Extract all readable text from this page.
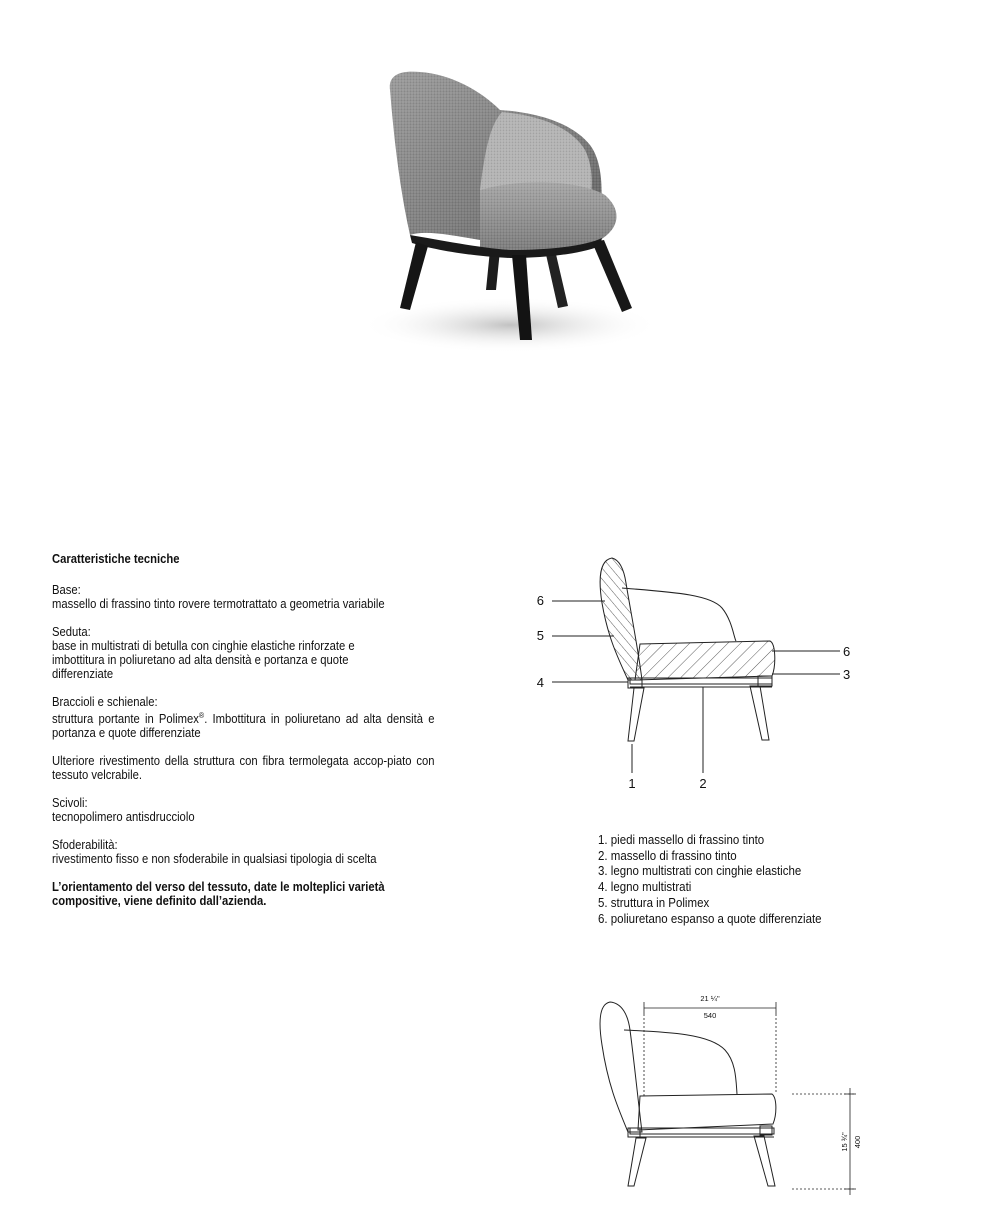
Caratteristiche tecniche

Base:

massello di frassino tinto rovere termotrattato a geometria variabile

Seduta:

base in multistrati di betulla con cinghie elastiche rinforzate e imbottitura in poliuretano ad alta densità e portanza e quote differenziate

Braccioli e schienale:

struttura portante in Polimex®. Imbottitura in poliuretano ad alta densità e portanza e quote differenziate

Ulteriore rivestimento della struttura con fibra termolegata accop-piato con tessuto velcrabile.

Scivoli:

tecnopolimero antisdrucciolo

Sfoderabilità:

rivestimento fisso e non sfoderabile in qualsiasi tipologia di scelta

L’orientamento del verso del tessuto, date le molteplici varietà compositive, viene definito dall’azienda.

6
5
4
6
3
1	2
1. piedi massello di frassino tinto
2. massello di frassino tinto
3. legno multistrati con cinghie elastiche
4. legno multistrati
5. struttura in Polimex
6. poliuretano espanso a quote differenziate
21 ¼"
540
15 ¾" 400
